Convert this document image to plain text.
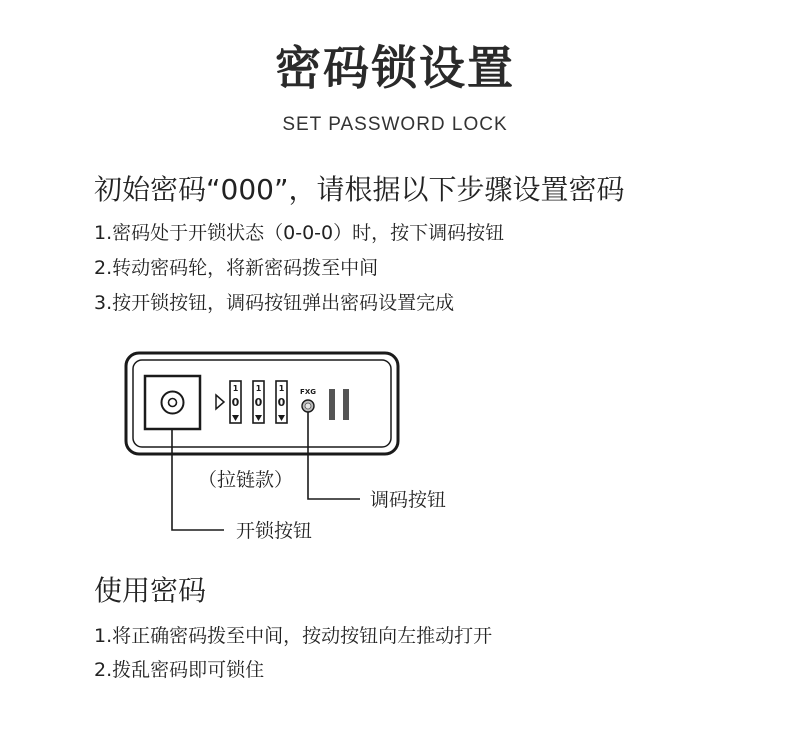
密码锁设置
SET PASSWORD LOCK
初始密码“000”，请根据以下步骤设置密码
1.密码处于开锁状态（0-0-0）时，按下调码按钮
2.转动密码轮，将新密码拨至中间
3.按开锁按钮，调码按钮弹出密码设置完成
1
0
1
0
1
0
FXG
（拉链款）
调码按钮
开锁按钮
使用密码
1.将正确密码拨至中间，按动按钮向左推动打开
2.拨乱密码即可锁住
